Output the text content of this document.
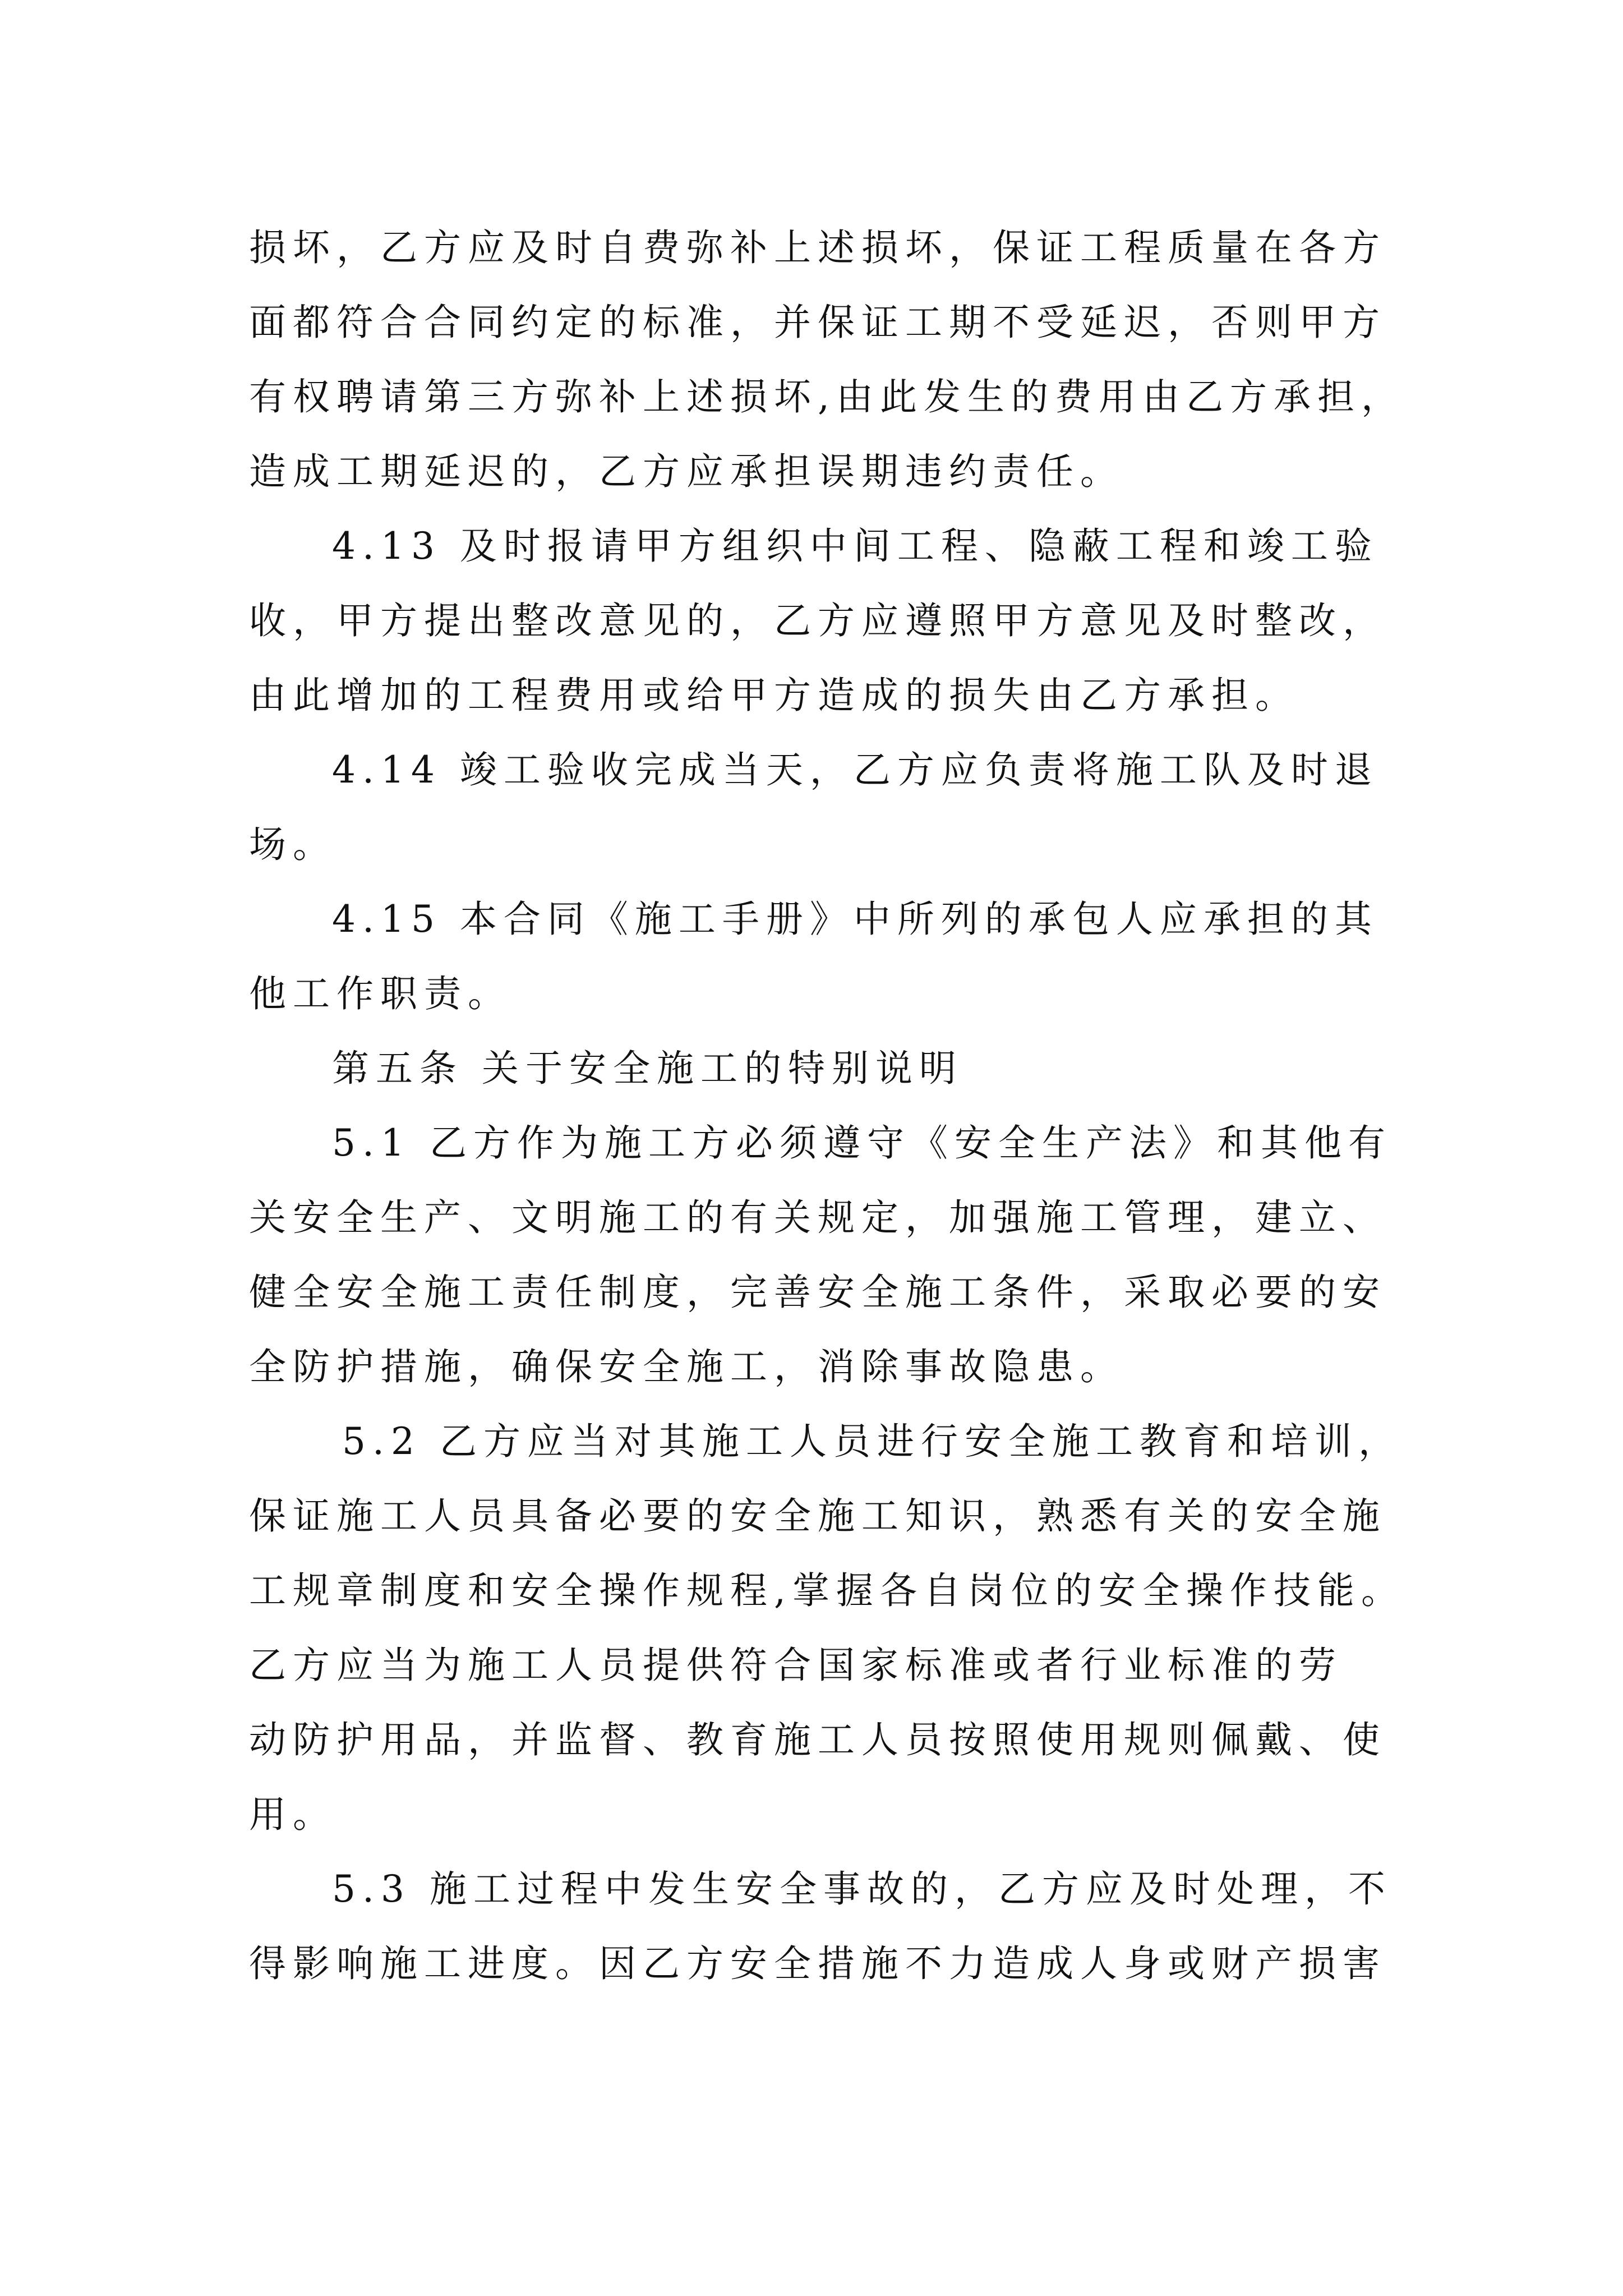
损坏，乙方应及时自费弥补上述损坏，保证工程质量在各方
面都符合合同约定的标准，并保证工期不受延迟，否则甲方
有权聘请第三方弥补上述损坏,由此发生的费用由乙方承担，
造成工期延迟的，乙方应承担误期违约责任。
4.13 及时报请甲方组织中间工程、隐蔽工程和竣工验
收，甲方提出整改意见的，乙方应遵照甲方意见及时整改，
由此增加的工程费用或给甲方造成的损失由乙方承担。
4.14 竣工验收完成当天，乙方应负责将施工队及时退
场。
4.15 本合同《施工手册》中所列的承包人应承担的其
他工作职责。
第五条 关于安全施工的特别说明
5.1 乙方作为施工方必须遵守《安全生产法》和其他有
关安全生产、文明施工的有关规定，加强施工管理，建立、
健全安全施工责任制度，完善安全施工条件，采取必要的安
全防护措施，确保安全施工，消除事故隐患。
5.2 乙方应当对其施工人员进行安全施工教育和培训，
保证施工人员具备必要的安全施工知识，熟悉有关的安全施
工规章制度和安全操作规程,掌握各自岗位的安全操作技能。
乙方应当为施工人员提供符合国家标准或者行业标准的劳
动防护用品，并监督、教育施工人员按照使用规则佩戴、使
用。
5.3 施工过程中发生安全事故的，乙方应及时处理，不
得影响施工进度。因乙方安全措施不力造成人身或财产损害
